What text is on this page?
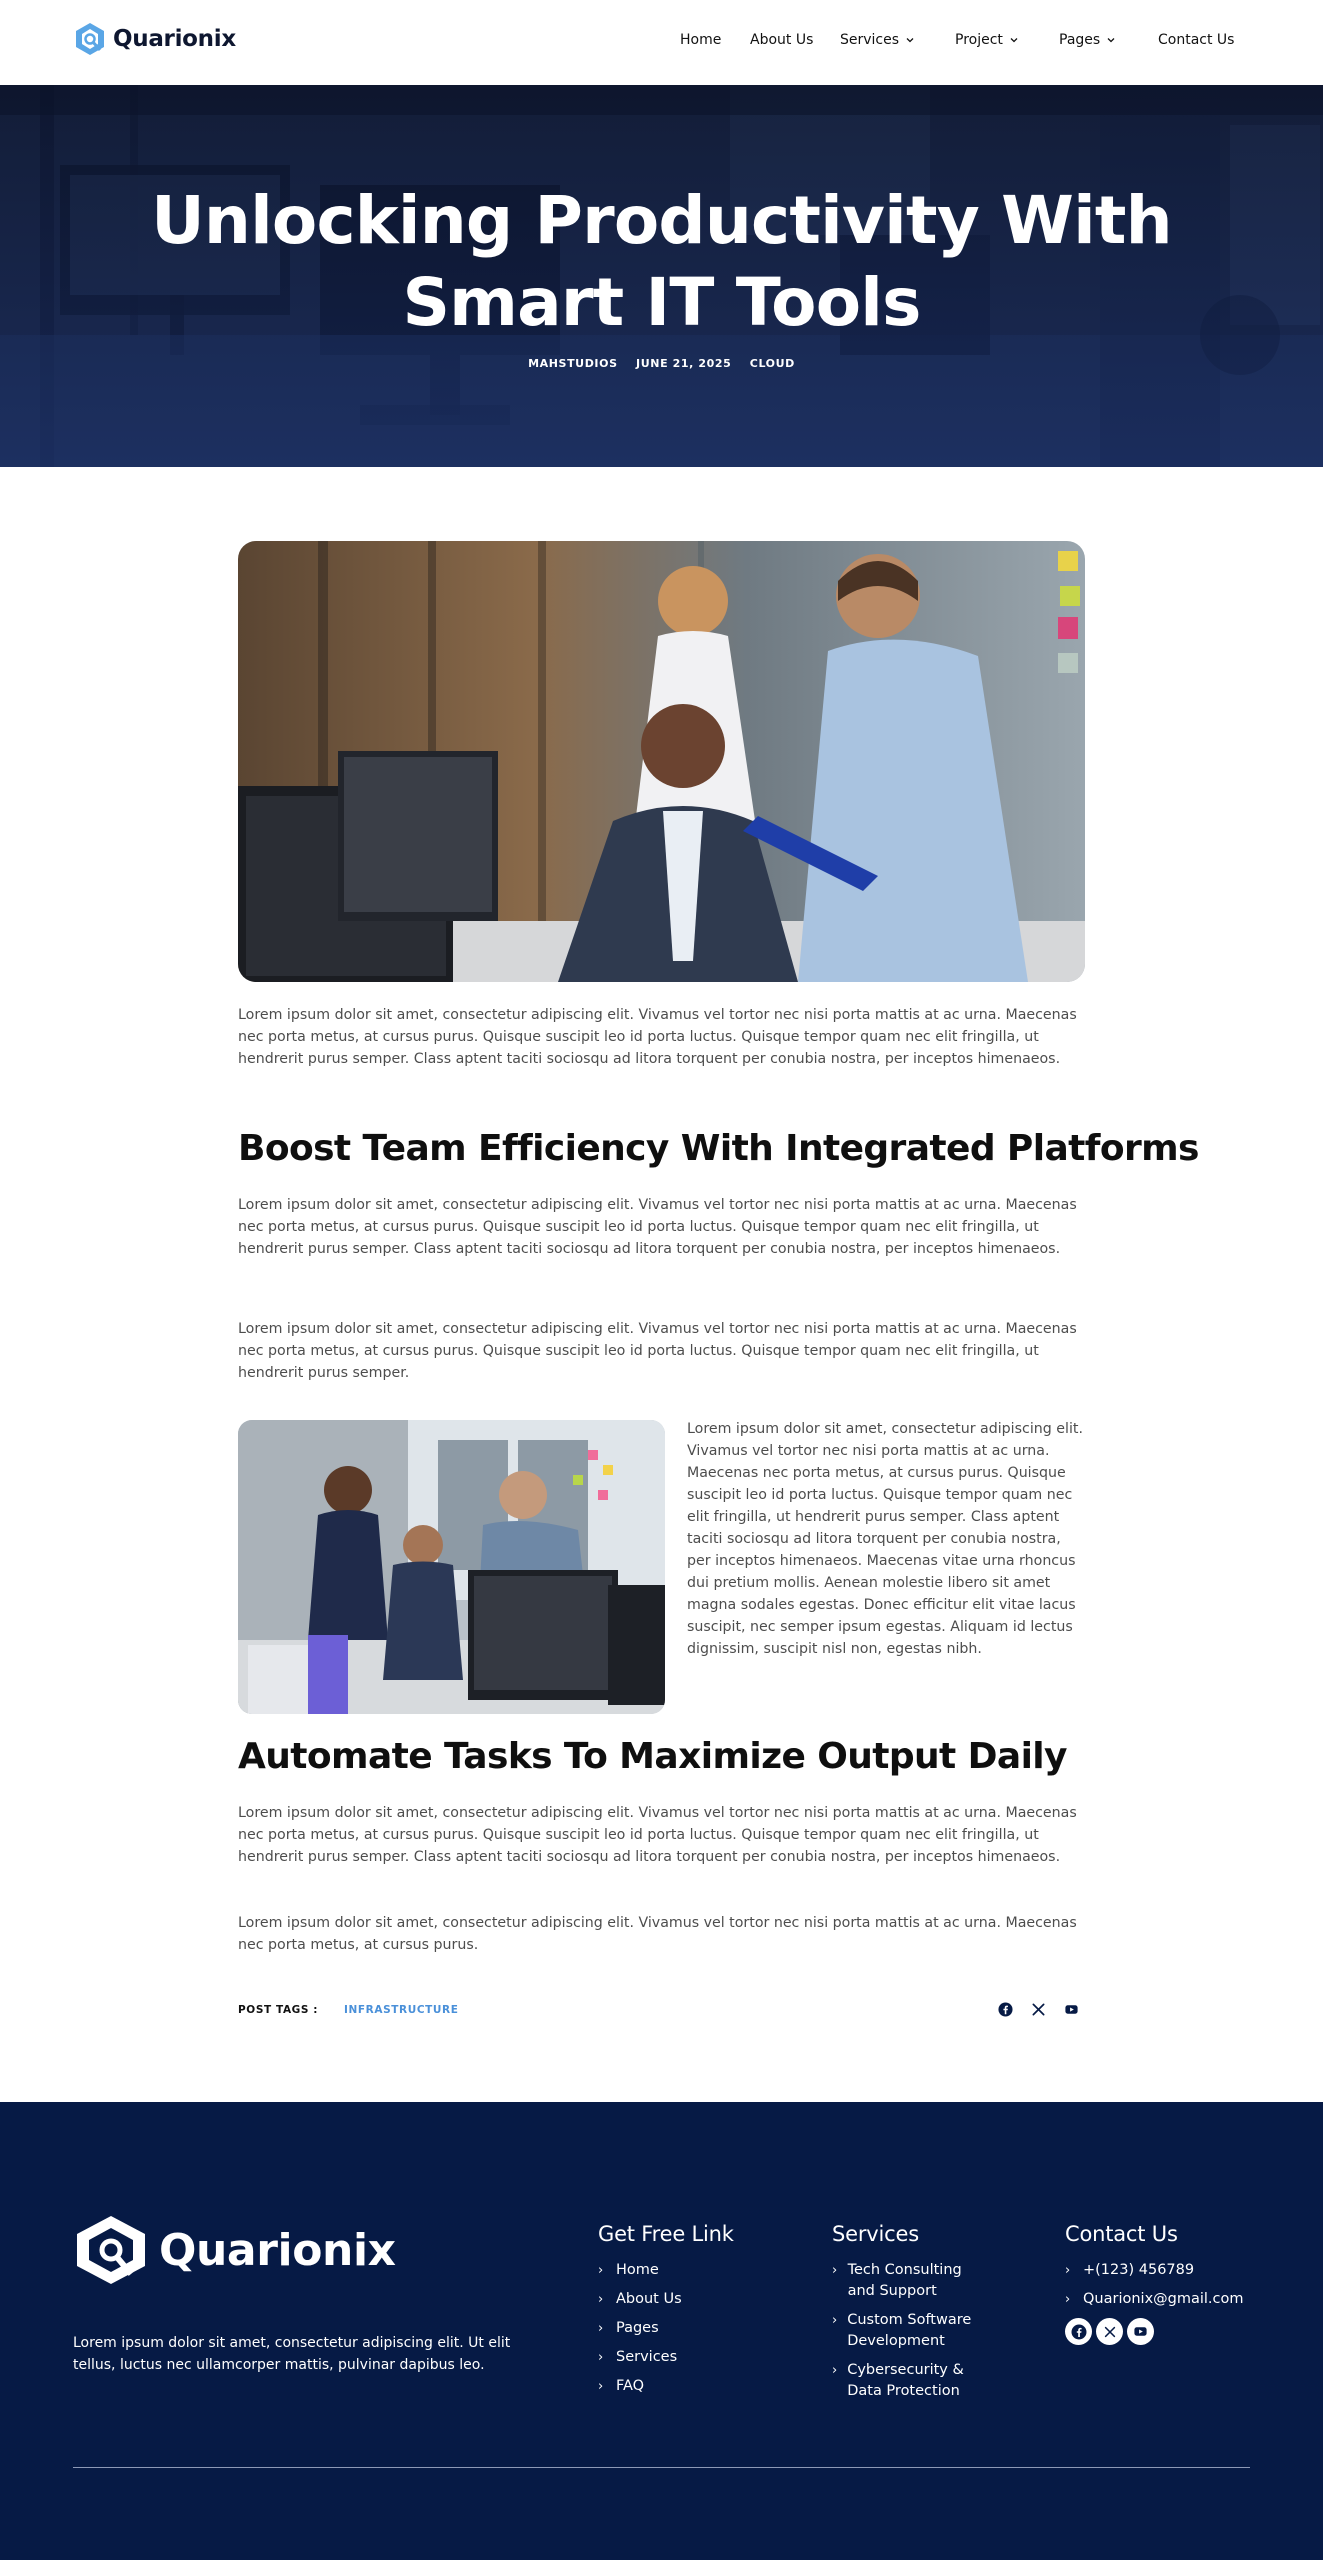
Quarionix	Home About Us Services	Project	Pages	Contact Us
Unlocking Productivity With
Smart IT Tools
MAHSTUDIOS JUNE 21, 2025 CLOUD

Lorem ipsum dolor sit amet, consectetur adipiscing elit. Vivamus vel tortor nec nisi porta mattis at ac urna. Maecenas nec porta metus, at cursus purus. Quisque suscipit leo id porta luctus. Quisque tempor quam nec elit fringilla, ut hendrerit purus semper. Class aptent taciti sociosqu ad litora torquent per conubia nostra, per inceptos himenaeos.

Boost Team Efficiency With Integrated Platforms

Lorem ipsum dolor sit amet, consectetur adipiscing elit. Vivamus vel tortor nec nisi porta mattis at ac urna. Maecenas nec porta metus, at cursus purus. Quisque suscipit leo id porta luctus. Quisque tempor quam nec elit fringilla, ut hendrerit purus semper. Class aptent taciti sociosqu ad litora torquent per conubia nostra, per inceptos himenaeos.

Lorem ipsum dolor sit amet, consectetur adipiscing elit. Vivamus vel tortor nec nisi porta mattis at ac urna. Maecenas nec porta metus, at cursus purus. Quisque suscipit leo id porta luctus. Quisque tempor quam nec elit fringilla, ut hendrerit purus semper.

Lorem ipsum dolor sit amet, consectetur adipiscing elit. Vivamus vel tortor nec nisi porta mattis at ac urna. Maecenas nec porta metus, at cursus purus. Quisque suscipit leo id porta luctus. Quisque tempor quam nec elit fringilla, ut hendrerit purus semper. Class aptent taciti sociosqu ad litora torquent per conubia nostra, per inceptos himenaeos. Maecenas vitae urna rhoncus dui pretium mollis. Aenean molestie libero sit amet magna sodales egestas. Donec efficitur elit vitae lacus suscipit, nec semper ipsum egestas. Aliquam id lectus dignissim, suscipit nisl non, egestas nibh.

Automate Tasks To Maximize Output Daily

Lorem ipsum dolor sit amet, consectetur adipiscing elit. Vivamus vel tortor nec nisi porta mattis at ac urna. Maecenas nec porta metus, at cursus purus. Quisque suscipit leo id porta luctus. Quisque tempor quam nec elit fringilla, ut hendrerit purus semper. Class aptent taciti sociosqu ad litora torquent per conubia nostra, per inceptos himenaeos.

Lorem ipsum dolor sit amet, consectetur adipiscing elit. Vivamus vel tortor nec nisi porta mattis at ac urna. Maecenas nec porta metus, at cursus purus.

POST TAGS : INFRASTRUCTURE
Quarionix

Lorem ipsum dolor sit amet, consectetur adipiscing elit. Ut elit tellus, luctus nec ullamcorper mattis, pulvinar dapibus leo.

Get Free Link
› Home
› About Us
› Pages
› Services
› FAQ
Services
› Tech Consulting and Support
› Custom Software Development
› Cybersecurity & Data Protection
Contact Us
› +(123) 456789
› Quarionix@gmail.com
